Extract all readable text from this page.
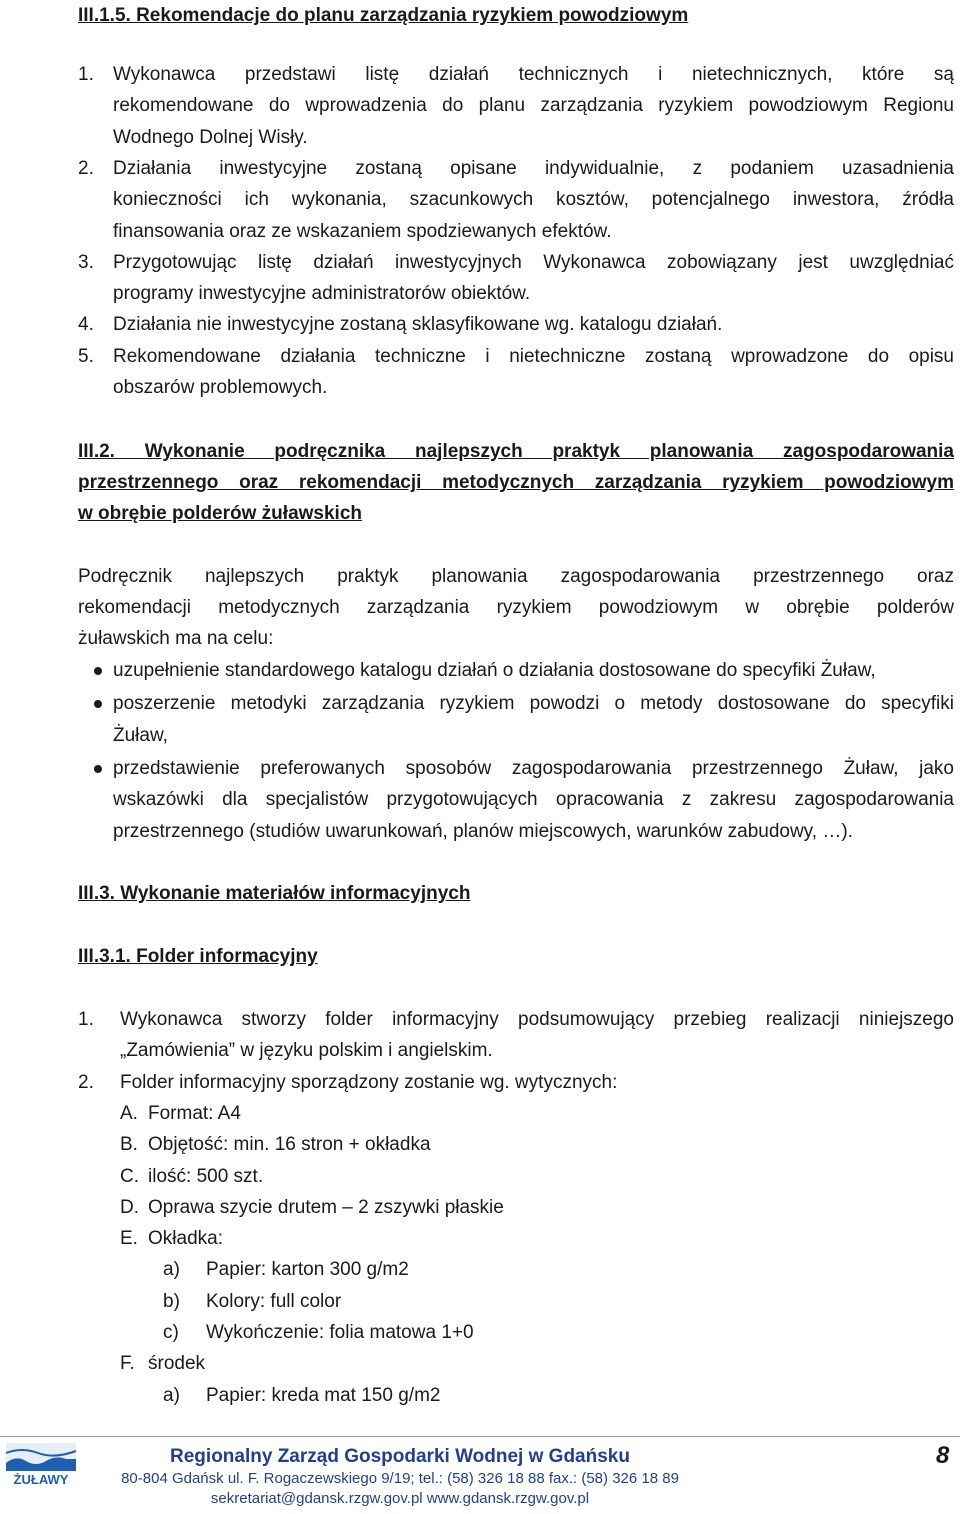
III.1.5. Rekomendacje do planu zarządzania ryzykiem powodziowym
1. Wykonawca przedstawi listę działań technicznych i nietechnicznych, które są
rekomendowane do wprowadzenia do planu zarządzania ryzykiem powodziowym Regionu
Wodnego Dolnej Wisły.
2. Działania inwestycyjne zostaną opisane indywidualnie, z podaniem uzasadnienia
konieczności ich wykonania, szacunkowych kosztów, potencjalnego inwestora, źródła
finansowania oraz ze wskazaniem spodziewanych efektów.
3. Przygotowując listę działań inwestycyjnych Wykonawca zobowiązany jest uwzględniać
programy inwestycyjne administratorów obiektów.
4. Działania nie inwestycyjne zostaną sklasyfikowane wg. katalogu działań.
5. Rekomendowane działania techniczne i nietechniczne zostaną wprowadzone do opisu
obszarów problemowych.
III.2. Wykonanie podręcznika najlepszych praktyk planowania zagospodarowania
przestrzennego oraz rekomendacji metodycznych zarządzania ryzykiem powodziowym
w obrębie polderów żuławskich
Podręcznik najlepszych praktyk planowania zagospodarowania przestrzennego oraz
rekomendacji metodycznych zarządzania ryzykiem powodziowym w obrębie polderów
żuławskich ma na celu:
uzupełnienie standardowego katalogu działań o działania dostosowane do specyfiki Żuław,
poszerzenie metodyki zarządzania ryzykiem powodzi o metody dostosowane do specyfiki
Żuław,
przedstawienie preferowanych sposobów zagospodarowania przestrzennego Żuław, jako
wskazówki dla specjalistów przygotowujących opracowania z zakresu zagospodarowania
przestrzennego (studiów uwarunkowań, planów miejscowych, warunków zabudowy, …).
III.3. Wykonanie materiałów informacyjnych
III.3.1. Folder informacyjny
1. Wykonawca stworzy folder informacyjny podsumowujący przebieg realizacji niniejszego
„Zamówienia” w języku polskim i angielskim.
2. Folder informacyjny sporządzony zostanie wg. wytycznych:
A. Format: A4
B. Objętość: min. 16 stron + okładka
C. ilość: 500 szt.
D. Oprawa szycie drutem – 2 zszywki płaskie
E. Okładka:
a) Papier: karton 300 g/m2
b) Kolory: full color
c) Wykończenie: folia matowa 1+0
F. środek
a) Papier: kreda mat 150 g/m2
ŻUŁAWY
Regionalny Zarząd Gospodarki Wodnej w Gdańsku
80-804 Gdańsk ul. F. Rogaczewskiego 9/19; tel.: (58) 326 18 88 fax.: (58) 326 18 89
sekretariat@gdansk.rzgw.gov.pl www.gdansk.rzgw.gov.pl
8
